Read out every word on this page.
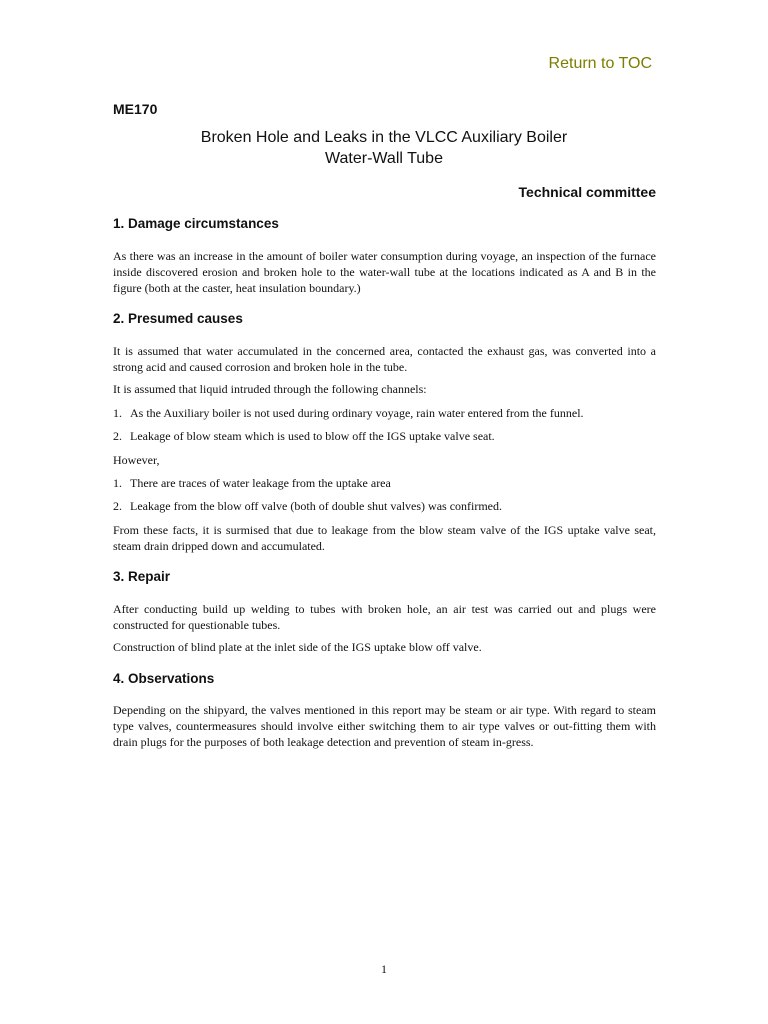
Return to TOC
ME170
Broken Hole and Leaks in the VLCC Auxiliary Boiler
Water-Wall Tube
Technical committee
1. Damage circumstances

As there was an increase in the amount of boiler water consumption during voyage, an inspection of the furnace inside discovered erosion and broken hole to the water-wall tube at the locations indicated as A and B in the figure (both at the caster, heat insulation boundary.)

2. Presumed causes

It is assumed that water accumulated in the concerned area, contacted the exhaust gas, was converted into a strong acid and caused corrosion and broken hole in the tube.

It is assumed that liquid intruded through the following channels:

1. As the Auxiliary boiler is not used during ordinary voyage, rain water entered from the funnel.
2. Leakage of blow steam which is used to blow off the IGS uptake valve seat.

However,

1. There are traces of water leakage from the uptake area
2. Leakage from the blow off valve (both of double shut valves) was confirmed.

From these facts, it is surmised that due to leakage from the blow steam valve of the IGS uptake valve seat, steam drain dripped down and accumulated.

3. Repair

After conducting build up welding to tubes with broken hole, an air test was carried out and plugs were constructed for questionable tubes.

Construction of blind plate at the inlet side of the IGS uptake blow off valve.

4. Observations

Depending on the shipyard, the valves mentioned in this report may be steam or air type. With regard to steam type valves, countermeasures should involve either switching them to air type valves or out-fitting them with drain plugs for the purposes of both leakage detection and prevention of steam in-gress.

1
